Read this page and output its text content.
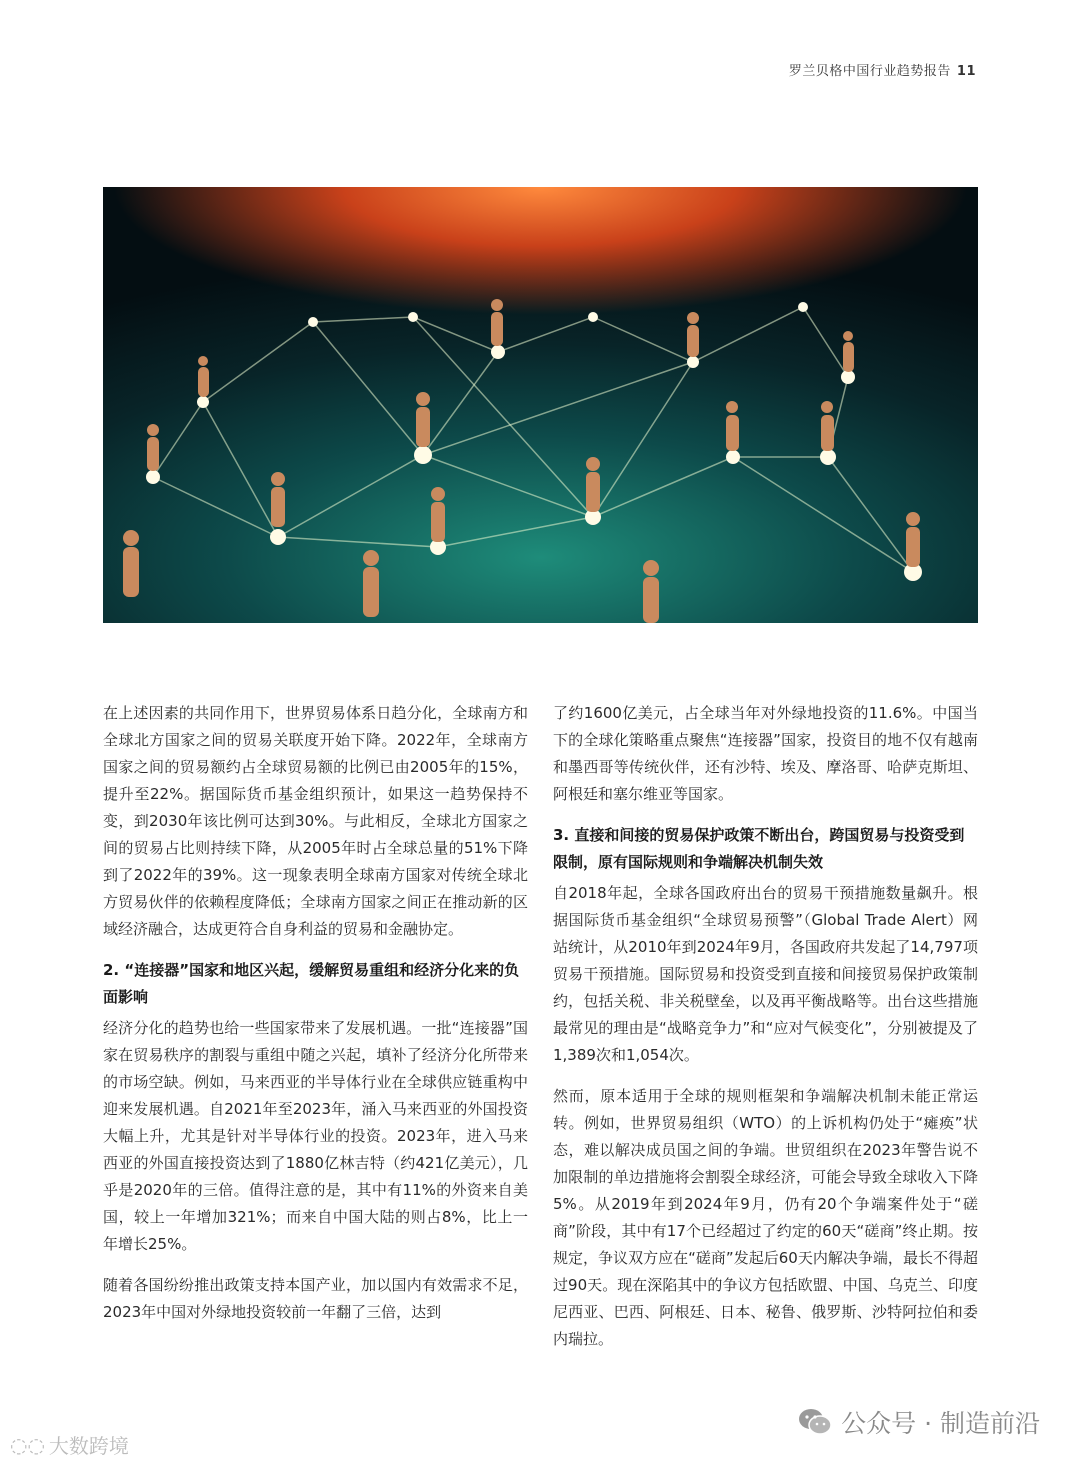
罗兰贝格中国行业趋势报告 11

在上述因素的共同作用下，世界贸易体系日趋分化，全球南方和全球北方国家之间的贸易关联度开始下降。2022年，全球南方国家之间的贸易额约占全球贸易额的比例已由2005年的15%，提升至22%。据国际货币基金组织预计，如果这一趋势保持不变，到2030年该比例可达到30%。与此相反，全球北方国家之间的贸易占比则持续下降，从2005年时占全球总量的51%下降到了2022年的39%。这一现象表明全球南方国家对传统全球北方贸易伙伴的依赖程度降低；全球南方国家之间正在推动新的区域经济融合，达成更符合自身利益的贸易和金融协定。

2. “连接器”国家和地区兴起，缓解贸易重组和经济分化来的负面影响

经济分化的趋势也给一些国家带来了发展机遇。一批“连接器”国家在贸易秩序的割裂与重组中随之兴起，填补了经济分化所带来的市场空缺。例如，马来西亚的半导体行业在全球供应链重构中迎来发展机遇。自2021年至2023年，涌入马来西亚的外国投资大幅上升，尤其是针对半导体行业的投资。2023年，进入马来西亚的外国直接投资达到了1880亿林吉特（约421亿美元），几乎是2020年的三倍。值得注意的是，其中有11%的外资来自美国，较上一年增加321%；而来自中国大陆的则占8%，比上一年增长25%。

随着各国纷纷推出政策支持本国产业，加以国内有效需求不足，2023年中国对外绿地投资较前一年翻了三倍，达到

了约1600亿美元，占全球当年对外绿地投资的11.6%。中国当下的全球化策略重点聚焦“连接器”国家，投资目的地不仅有越南和墨西哥等传统伙伴，还有沙特、埃及、摩洛哥、哈萨克斯坦、阿根廷和塞尔维亚等国家。

3. 直接和间接的贸易保护政策不断出台，跨国贸易与投资受到限制，原有国际规则和争端解决机制失效

自2018年起，全球各国政府出台的贸易干预措施数量飙升。根据国际货币基金组织“全球贸易预警”（Global Trade Alert）网站统计，从2010年到2024年9月，各国政府共发起了14,797项贸易干预措施。国际贸易和投资受到直接和间接贸易保护政策制约，包括关税、非关税壁垒，以及再平衡战略等。出台这些措施最常见的理由是“战略竞争力”和“应对气候变化”，分别被提及了1,389次和1,054次。

然而，原本适用于全球的规则框架和争端解决机制未能正常运转。例如，世界贸易组织（WTO）的上诉机构仍处于“瘫痪”状态，难以解决成员国之间的争端。世贸组织在2023年警告说不加限制的单边措施将会割裂全球经济，可能会导致全球收入下降5%。从2019年到2024年9月，仍有20个争端案件处于“磋商”阶段，其中有17个已经超过了约定的60天“磋商”终止期。按规定，争议双方应在“磋商”发起后60天内解决争端，最长不得超过90天。现在深陷其中的争议方包括欧盟、中国、乌克兰、印度尼西亚、巴西、阿根廷、日本、秘鲁、俄罗斯、沙特阿拉伯和委内瑞拉。

公众号 · 制造前沿
◌◌ 大数跨境
